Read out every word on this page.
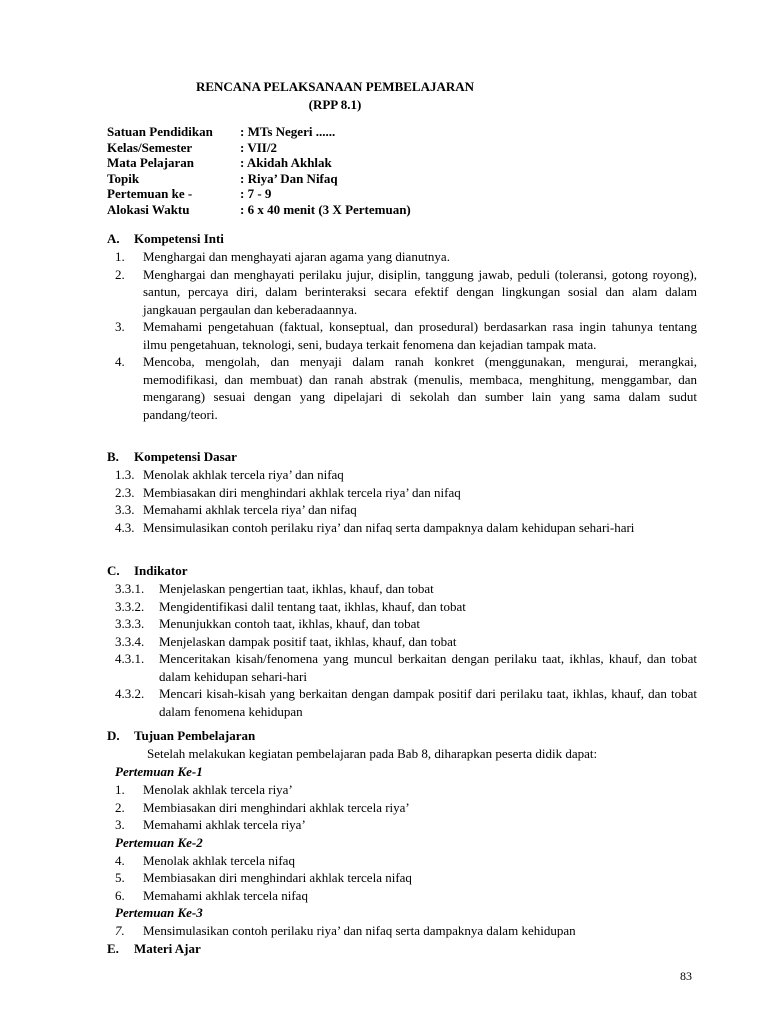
RENCANA PELAKSANAAN PEMBELAJARAN
(RPP 8.1)
Satuan Pendidikan	: MTs Negeri ......
Kelas/Semester	: VII/2
Mata Pelajaran	: Akidah Akhlak
Topik	: Riya’ Dan Nifaq
Pertemuan ke -	: 7 - 9
Alokasi Waktu	: 6 x 40 menit (3 X Pertemuan)
A.	Kompetensi Inti
1.	Menghargai dan menghayati ajaran agama yang dianutnya.
2.	Menghargai dan menghayati perilaku jujur, disiplin, tanggung jawab, peduli (toleransi, gotong royong), santun, percaya diri, dalam berinteraksi secara efektif dengan lingkungan sosial dan alam dalam jangkauan pergaulan dan keberadaannya.
3.	Memahami pengetahuan (faktual, konseptual, dan prosedural) berdasarkan rasa ingin tahunya tentang ilmu pengetahuan, teknologi, seni, budaya terkait fenomena dan kejadian tampak mata.
4.	Mencoba, mengolah, dan menyaji dalam ranah konkret (menggunakan, mengurai, merangkai, memodifikasi, dan membuat) dan ranah abstrak (menulis, membaca, menghitung, menggambar, dan mengarang) sesuai dengan yang dipelajari di sekolah dan sumber lain yang sama dalam sudut pandang/teori.
B.	Kompetensi Dasar
1.3. Menolak akhlak tercela riya’ dan nifaq
2.3. Membiasakan diri menghindari akhlak tercela riya’ dan nifaq
3.3. Memahami akhlak tercela riya’ dan nifaq
4.3. Mensimulasikan contoh perilaku riya’ dan nifaq serta dampaknya dalam kehidupan sehari-hari
C.	Indikator
3.3.1.	Menjelaskan pengertian taat, ikhlas, khauf, dan tobat
3.3.2.	Mengidentifikasi dalil tentang taat, ikhlas, khauf, dan tobat
3.3.3.	Menunjukkan contoh taat, ikhlas, khauf, dan tobat
3.3.4.	Menjelaskan dampak positif taat, ikhlas, khauf, dan tobat
4.3.1.	Menceritakan kisah/fenomena yang muncul berkaitan dengan perilaku taat, ikhlas, khauf, dan tobat dalam kehidupan sehari-hari
4.3.2.	Mencari kisah-kisah yang berkaitan dengan dampak positif dari perilaku taat, ikhlas, khauf, dan tobat dalam fenomena kehidupan
D.	Tujuan Pembelajaran
Setelah melakukan kegiatan pembelajaran pada Bab 8, diharapkan peserta didik dapat:
Pertemuan Ke-1
1.	Menolak akhlak tercela riya’
2.	Membiasakan diri menghindari akhlak tercela riya’
3.	Memahami akhlak tercela riya’
Pertemuan Ke-2
4.	Menolak akhlak tercela nifaq
5.	Membiasakan diri menghindari akhlak tercela nifaq
6.	Memahami akhlak tercela nifaq
Pertemuan Ke-3
7.	Mensimulasikan contoh perilaku riya’ dan nifaq serta dampaknya dalam kehidupan
E.	Materi Ajar
83
